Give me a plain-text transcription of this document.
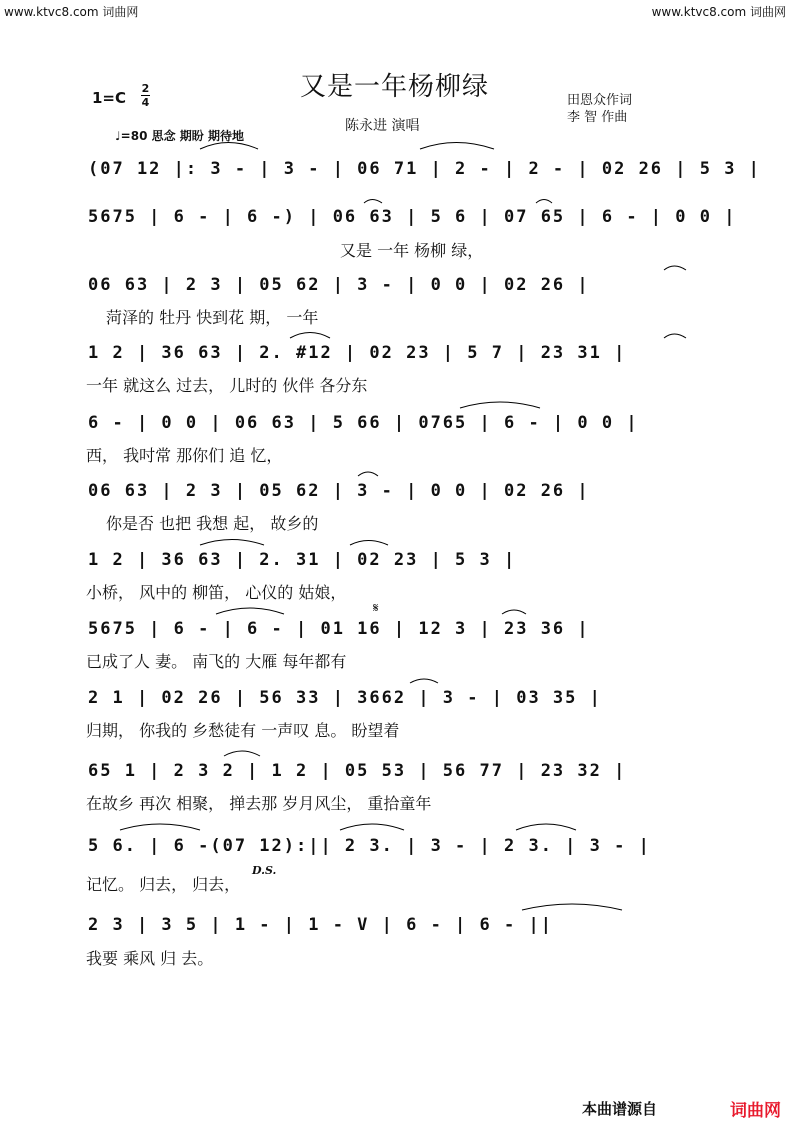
www.ktvc8.com 词曲网	www.ktvc8.com 词曲网
1=C
2
4
又是一年杨柳绿
陈永进 演唱
田恩众作词
李 智 作曲
♩=80 思念 期盼 期待地
(07 12 |: 3 - | 3 - | 06 71 | 2 - | 2 - | 02 26 | 5 3 |
5675 | 6 - | 6 -) | 06 63 | 5 6 | 07 65 | 6 - | 0 0 |
又是 一年 杨柳 绿，
06 63 | 2 3 | 05 62 | 3 - | 0 0 | 02 26 |
菏泽的 牡丹 快到花 期， 一年
1 2 | 36 63 | 2. #12 | 02 23 | 5 7 | 23 31 |
一年 就这么 过去， 儿时的 伙伴 各分东
6 - | 0 0 | 06 63 | 5 66 | 0765 | 6 - | 0 0 |
西， 我吋常 那你们 追 忆，
06 63 | 2 3 | 05 62 | 3 - | 0 0 | 02 26 |
你是否 也把 我想 起， 故乡的
1 2 | 36 63 | 2. 31 | 02 23 | 5 3 |
小桥， 风中的 柳笛， 心仪的 姑娘，
𝄋
5675 | 6 - | 6 - | 01 16 | 12 3 | 23 36 |
已成了人 妻。 南飞的 大雁 每年都有
2 1 | 02 26 | 56 33 | 3662 | 3 - | 03 35 |
归期， 你我的 乡愁徒有 一声叹 息。 盼望着
65 1 | 2 3 2 | 1 2 | 05 53 | 56 77 | 23 32 |
在故乡 再次 相聚， 掸去那 岁月风尘， 重拾童年
5 6. | 6 -(07 12):|| 2 3. | 3 - | 2 3. | 3 - |
D.S.
记忆。 归去， 归去，
2 3 | 3 5 | 1 - | 1 - V | 6 - | 6 - ||
我要 乘风 归 去。
本曲谱源自	词曲网
